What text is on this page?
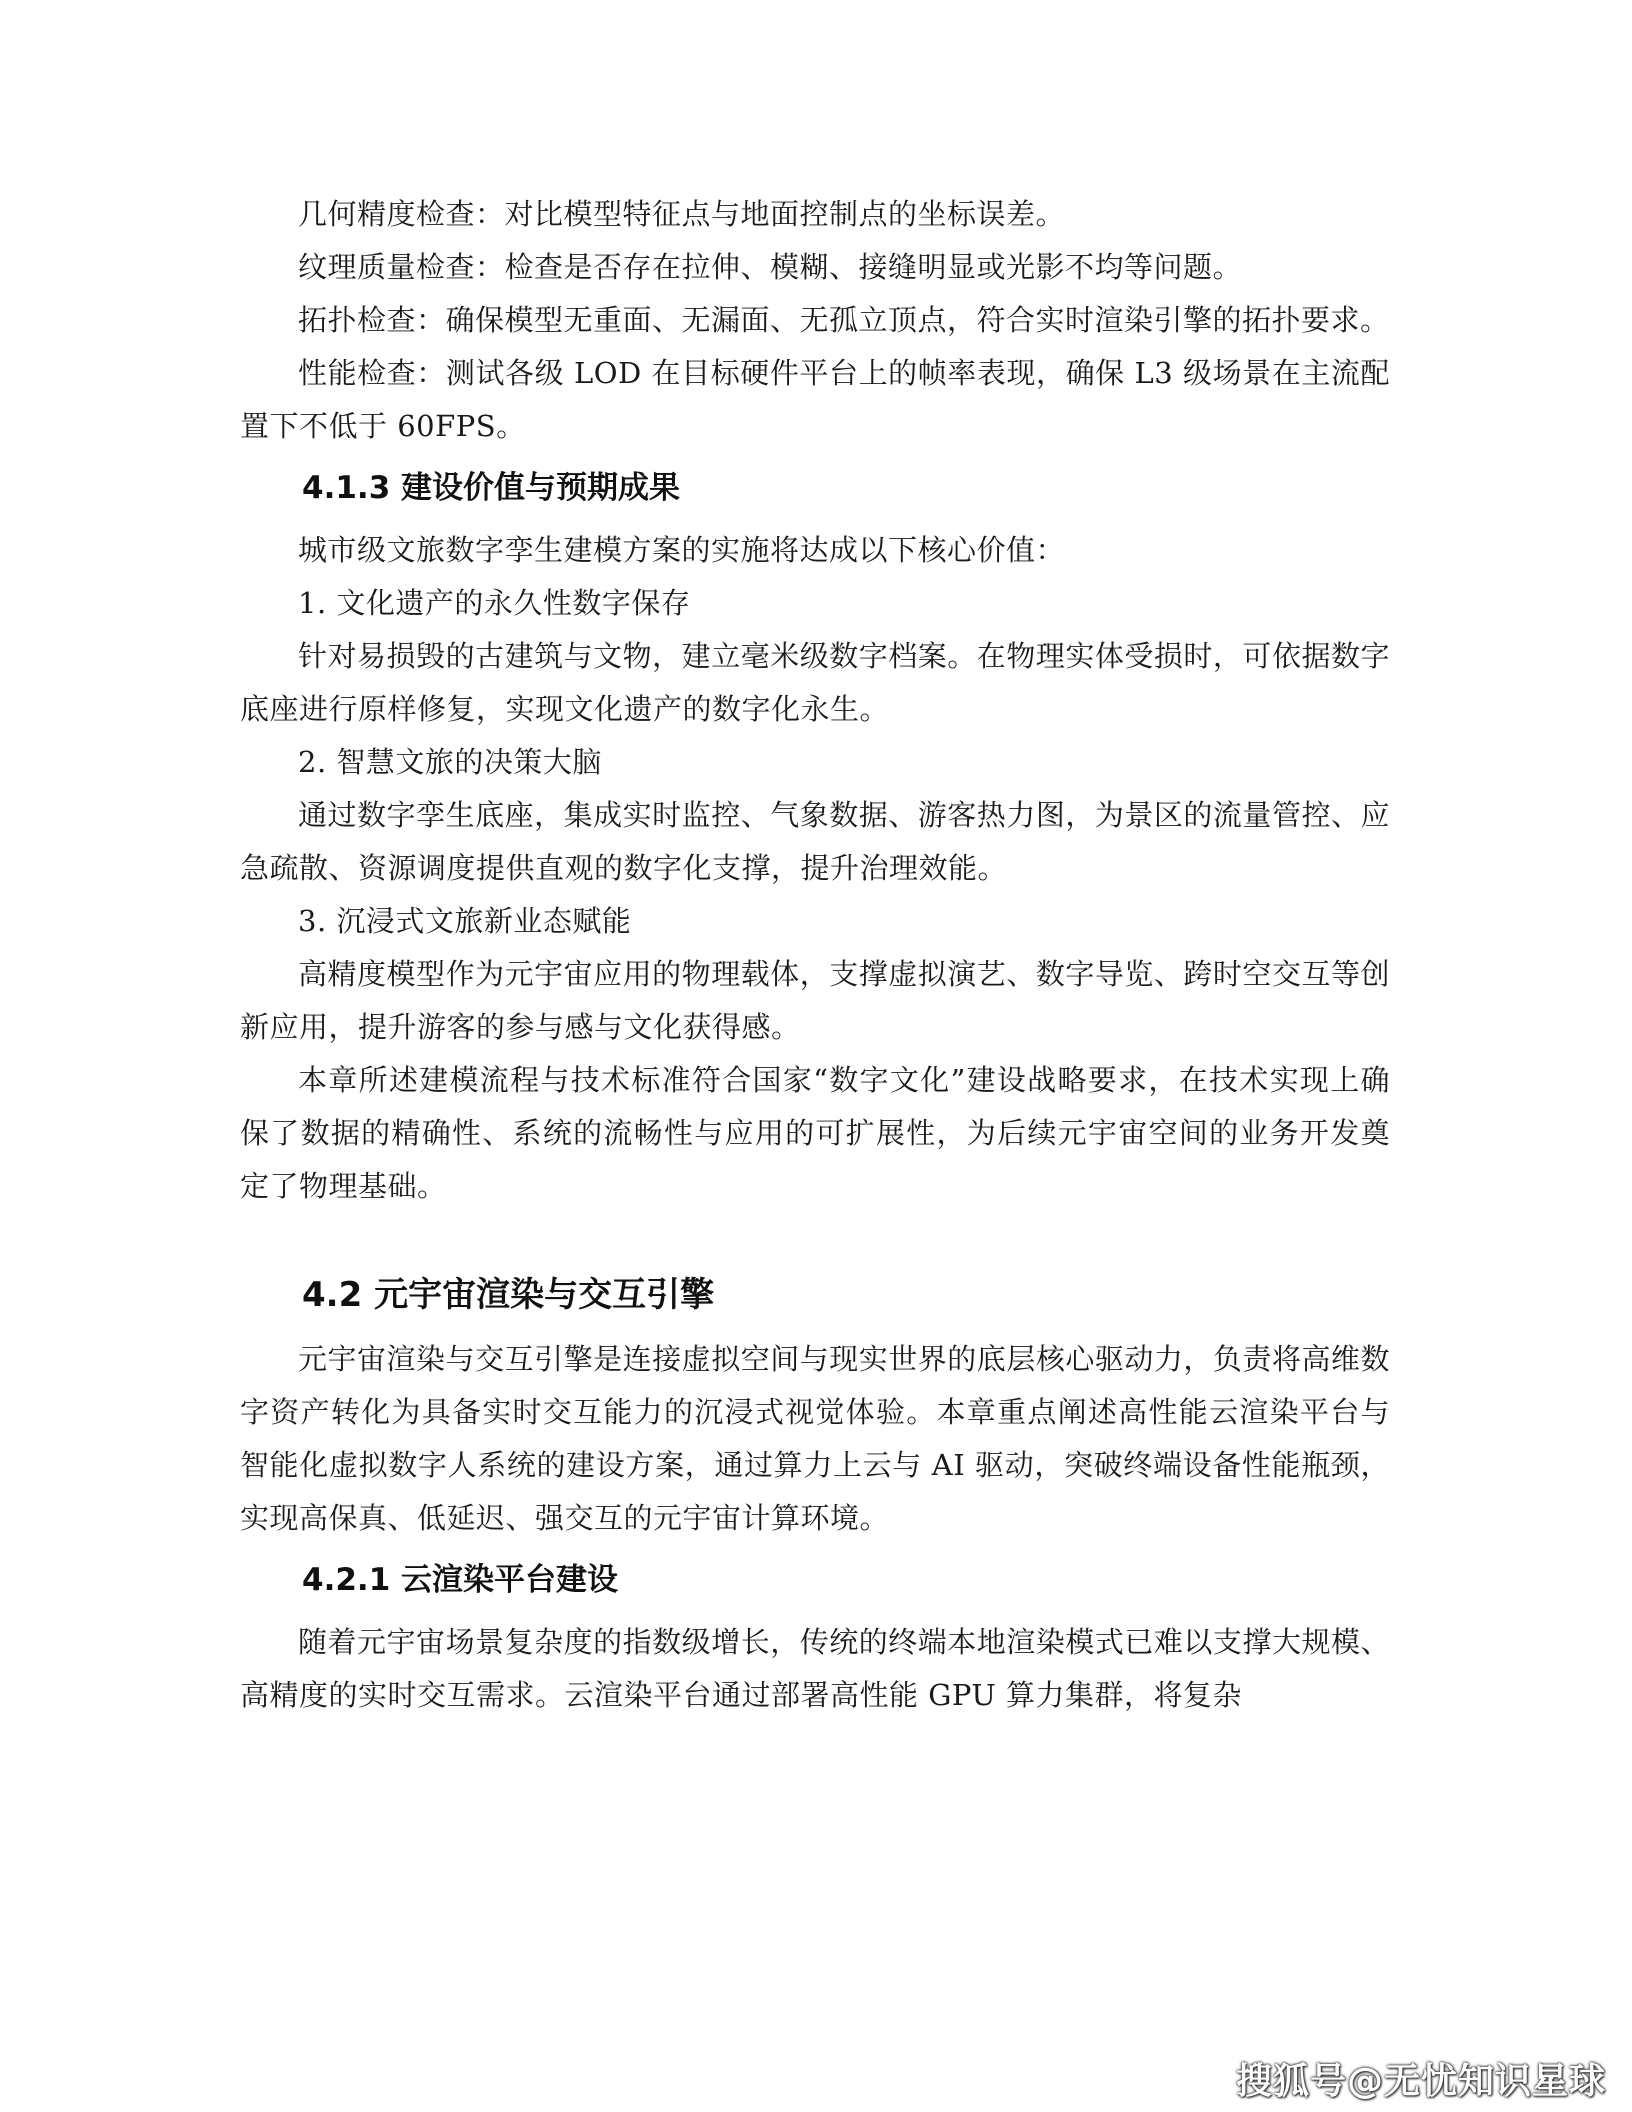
几何精度检查：对比模型特征点与地面控制点的坐标误差。

纹理质量检查：检查是否存在拉伸、模糊、接缝明显或光影不均等问题。

拓扑检查：确保模型无重面、无漏面、无孤立顶点，符合实时渲染引擎的拓扑要求。

性能检查：测试各级 LOD 在目标硬件平台上的帧率表现，确保 L3 级场景在主流配置下不低于 60FPS。

4.1.3 建设价值与预期成果

城市级文旅数字孪生建模方案的实施将达成以下核心价值：

1. 文化遗产的永久性数字保存

针对易损毁的古建筑与文物，建立毫米级数字档案。在物理实体受损时，可依据数字底座进行原样修复，实现文化遗产的数字化永生。

2. 智慧文旅的决策大脑

通过数字孪生底座，集成实时监控、气象数据、游客热力图，为景区的流量管控、应急疏散、资源调度提供直观的数字化支撑，提升治理效能。

3. 沉浸式文旅新业态赋能

高精度模型作为元宇宙应用的物理载体，支撑虚拟演艺、数字导览、跨时空交互等创新应用，提升游客的参与感与文化获得感。

本章所述建模流程与技术标准符合国家“数字文化”建设战略要求，在技术实现上确保了数据的精确性、系统的流畅性与应用的可扩展性，为后续元宇宙空间的业务开发奠定了物理基础。

4.2 元宇宙渲染与交互引擎

元宇宙渲染与交互引擎是连接虚拟空间与现实世界的底层核心驱动力，负责将高维数字资产转化为具备实时交互能力的沉浸式视觉体验。本章重点阐述高性能云渲染平台与智能化虚拟数字人系统的建设方案，通过算力上云与 AI 驱动，突破终端设备性能瓶颈，实现高保真、低延迟、强交互的元宇宙计算环境。

4.2.1 云渲染平台建设

随着元宇宙场景复杂度的指数级增长，传统的终端本地渲染模式已难以支撑大规模、高精度的实时交互需求。云渲染平台通过部署高性能 GPU 算力集群，将复杂

搜狐号@无忧知识星球
